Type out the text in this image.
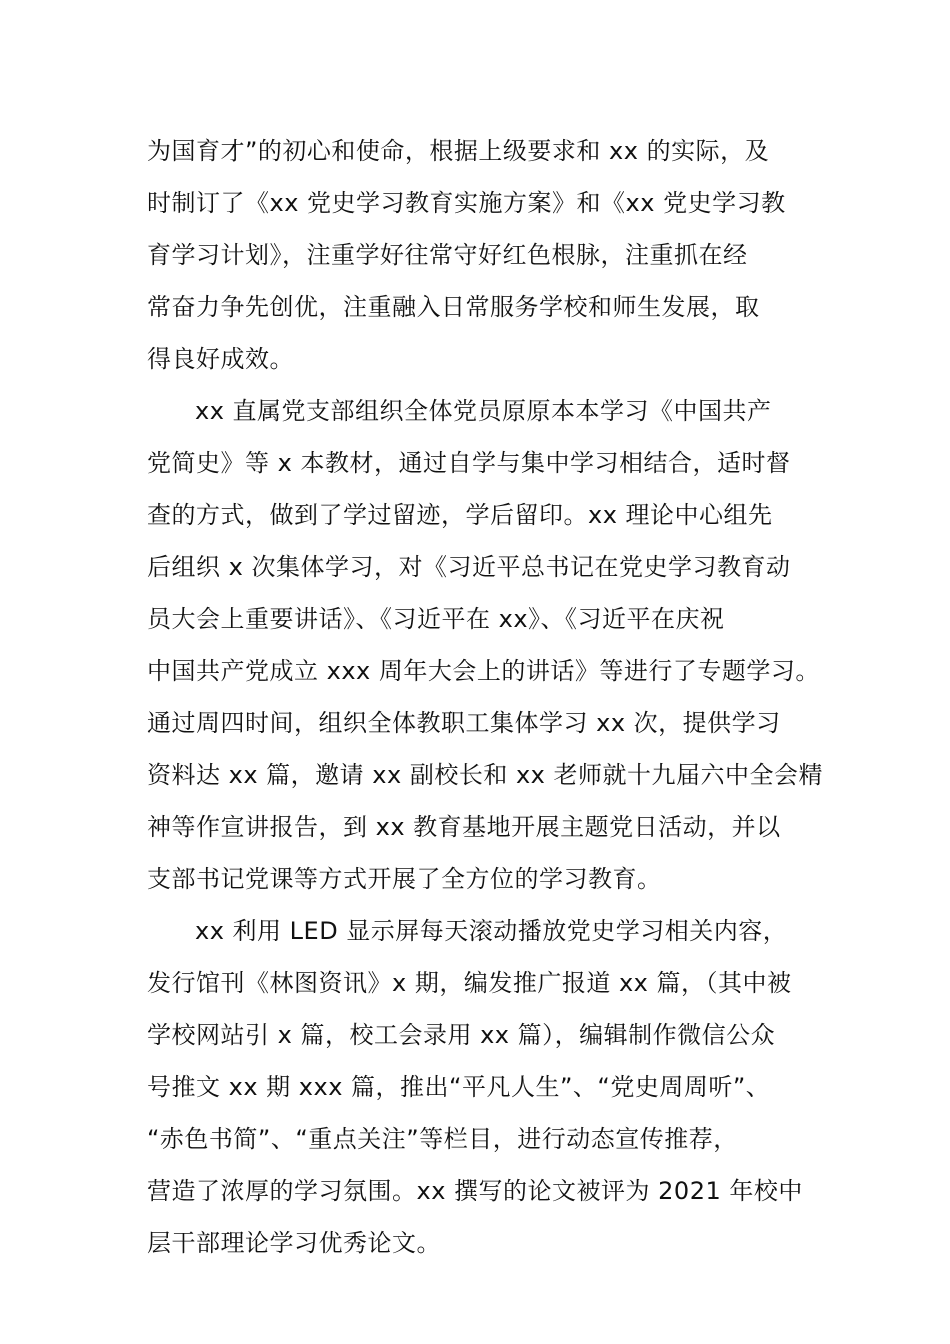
为国育才”的初心和使命，根据上级要求和 xx 的实际，及
时制订了《xx 党史学习教育实施方案》和《xx 党史学习教
育学习计划》，注重学好往常守好红色根脉，注重抓在经
常奋力争先创优，注重融入日常服务学校和师生发展，取
得良好成效。
xx 直属党支部组织全体党员原原本本学习《中国共产
党简史》等 x 本教材，通过自学与集中学习相结合，适时督
查的方式，做到了学过留迹，学后留印。xx 理论中心组先
后组织 x 次集体学习，对《习近平总书记在党史学习教育动
员大会上重要讲话》、《习近平在 xx》、《习近平在庆祝
中国共产党成立 xxx 周年大会上的讲话》等进行了专题学习。
通过周四时间，组织全体教职工集体学习 xx 次，提供学习
资料达 xx 篇，邀请 xx 副校长和 xx 老师就十九届六中全会精
神等作宣讲报告，到 xx 教育基地开展主题党日活动，并以
支部书记党课等方式开展了全方位的学习教育。
xx 利用 LED 显示屏每天滚动播放党史学习相关内容，
发行馆刊《林图资讯》x 期，编发推广报道 xx 篇，（其中被
学校网站引 x 篇，校工会录用 xx 篇），编辑制作微信公众
号推文 xx 期 xxx 篇，推出“平凡人生”、“党史周周听”、
“赤色书简”、“重点关注”等栏目，进行动态宣传推荐，
营造了浓厚的学习氛围。xx 撰写的论文被评为 2021 年校中
层干部理论学习优秀论文。
